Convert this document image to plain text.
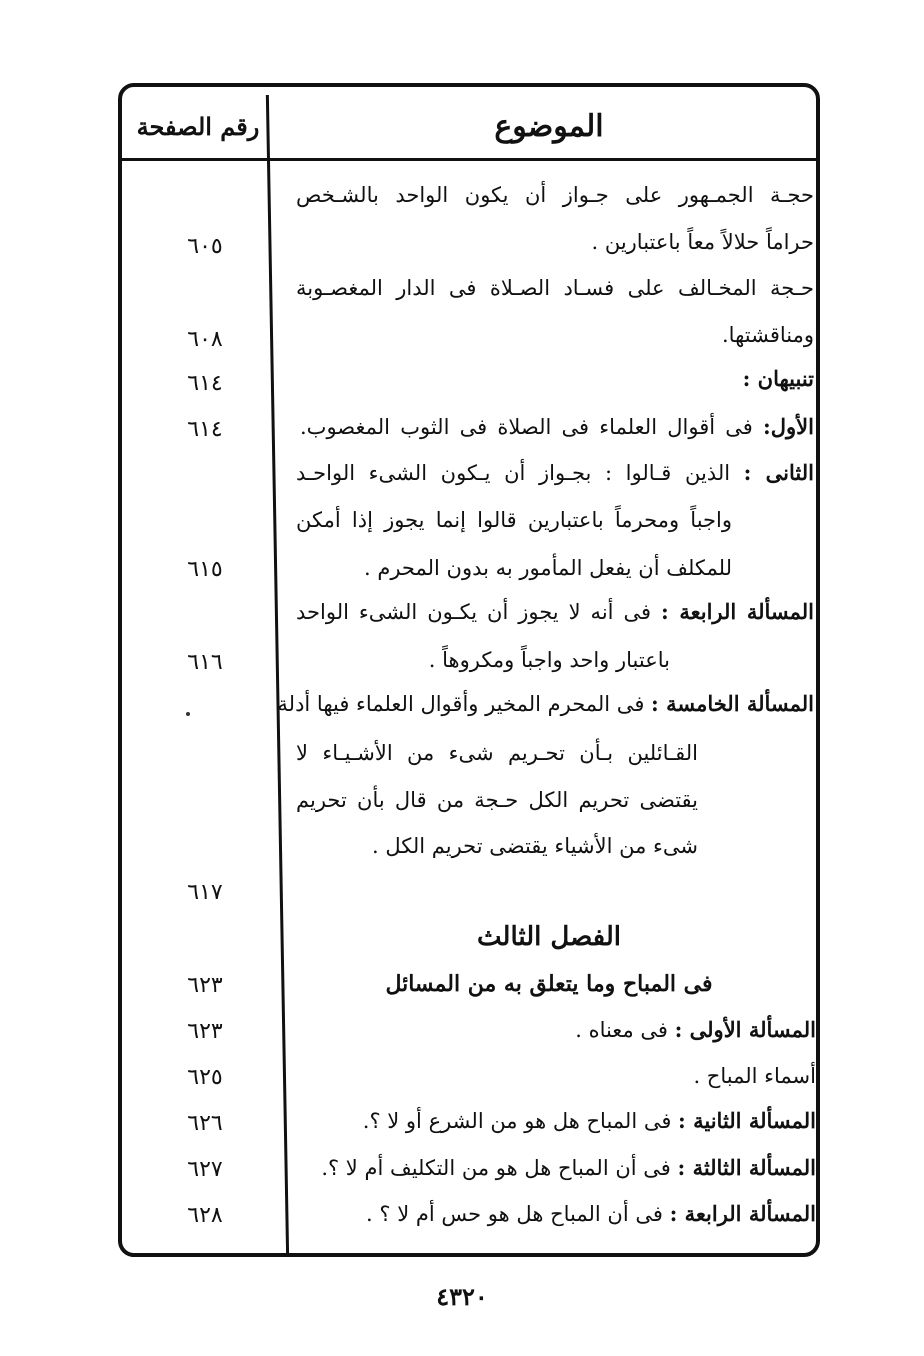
الموضوع
رقم الصفحة
حجـة الجمـهور على جـواز أن يكون الواحد بالشـخص
حراماً حلالاً معاً باعتبارين .
حـجة المخـالف على فسـاد الصـلاة فى الدار المغصـوبة
ومناقشتها.
تنبيهان :
الأول: فى أقوال العلماء فى الصلاة فى الثوب المغصوب.
الثانى : الذين قـالوا : بجـواز أن يـكون الشىء الواحـد
واجباً ومحرماً باعتبارين قالوا إنما يجوز إذا أمكن
للمكلف أن يفعل المأمور به بدون المحرم .
المسألة الرابعة : فى أنه لا يجوز أن يكـون الشىء الواحد
باعتبار واحد واجباً ومكروهاً .
المسألة الخامسة : فى المحرم المخير وأقوال العلماء فيها أدلة
القـائلين بـأن تحـريم شىء من الأشـيـاء لا
يقتضى تحريم الكل حـجة من قال بأن تحريم
شىء من الأشياء يقتضى تحريم الكل .
الفصل الثالث
فى المباح وما يتعلق به من المسائل
المسألة الأولى : فى معناه .
أسماء المباح .
المسألة الثانية : فى المباح هل هو من الشرع أو لا ؟.
المسألة الثالثة : فى أن المباح هل هو من التكليف أم لا ؟.
المسألة الرابعة : فى أن المباح هل هو حس أم لا ؟ .
٦٠٥
٦٠٨
٦١٤
٦١٤
٦١٥
٦١٦
٦١٧
٦٢٣
٦٢٣
٦٢٥
٦٢٦
٦٢٧
٦٢٨
٤٣٢٠
